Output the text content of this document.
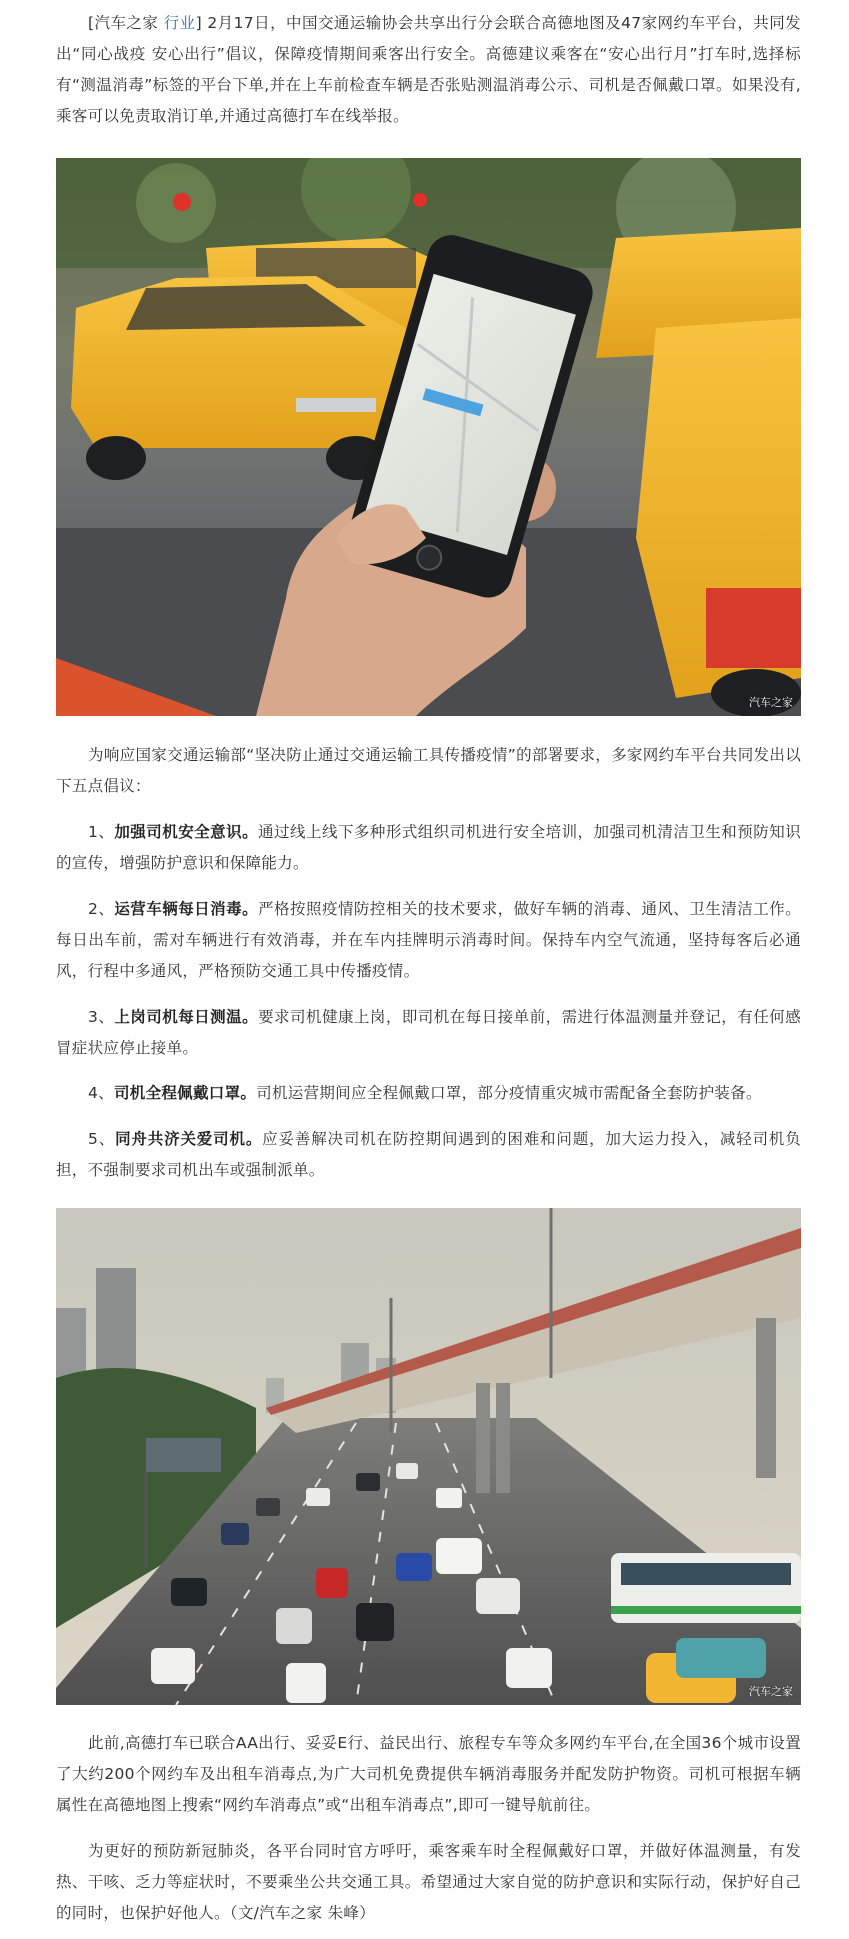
[汽车之家 行业] 2月17日，中国交通运输协会共享出行分会联合高德地图及47家网约车平台，共同发出“同心战疫 安心出行”倡议，保障疫情期间乘客出行安全。高德建议乘客在“安心出行月”打车时,选择标有“测温消毒”标签的平台下单,并在上车前检查车辆是否张贴测温消毒公示、司机是否佩戴口罩。如果没有,乘客可以免责取消订单,并通过高德打车在线举报。

汽车之家

为响应国家交通运输部“坚决防止通过交通运输工具传播疫情”的部署要求，多家网约车平台共同发出以下五点倡议：

1、加强司机安全意识。通过线上线下多种形式组织司机进行安全培训，加强司机清洁卫生和预防知识的宣传，增强防护意识和保障能力。

2、运营车辆每日消毒。严格按照疫情防控相关的技术要求，做好车辆的消毒、通风、卫生清洁工作。每日出车前，需对车辆进行有效消毒，并在车内挂牌明示消毒时间。保持车内空气流通，坚持每客后必通风，行程中多通风，严格预防交通工具中传播疫情。

3、上岗司机每日测温。要求司机健康上岗，即司机在每日接单前，需进行体温测量并登记，有任何感冒症状应停止接单。

4、司机全程佩戴口罩。司机运营期间应全程佩戴口罩，部分疫情重灾城市需配备全套防护装备。

5、同舟共济关爱司机。应妥善解决司机在防控期间遇到的困难和问题，加大运力投入，减轻司机负担，不强制要求司机出车或强制派单。

汽车之家

此前,高德打车已联合AA出行、妥妥E行、益民出行、旅程专车等众多网约车平台,在全国36个城市设置了大约200个网约车及出租车消毒点,为广大司机免费提供车辆消毒服务并配发防护物资。司机可根据车辆属性在高德地图上搜索“网约车消毒点”或“出租车消毒点”,即可一键导航前往。

为更好的预防新冠肺炎，各平台同时官方呼吁，乘客乘车时全程佩戴好口罩，并做好体温测量，有发热、干咳、乏力等症状时，不要乘坐公共交通工具。希望通过大家自觉的防护意识和实际行动，保护好自己的同时，也保护好他人。（文/汽车之家 朱峰）
